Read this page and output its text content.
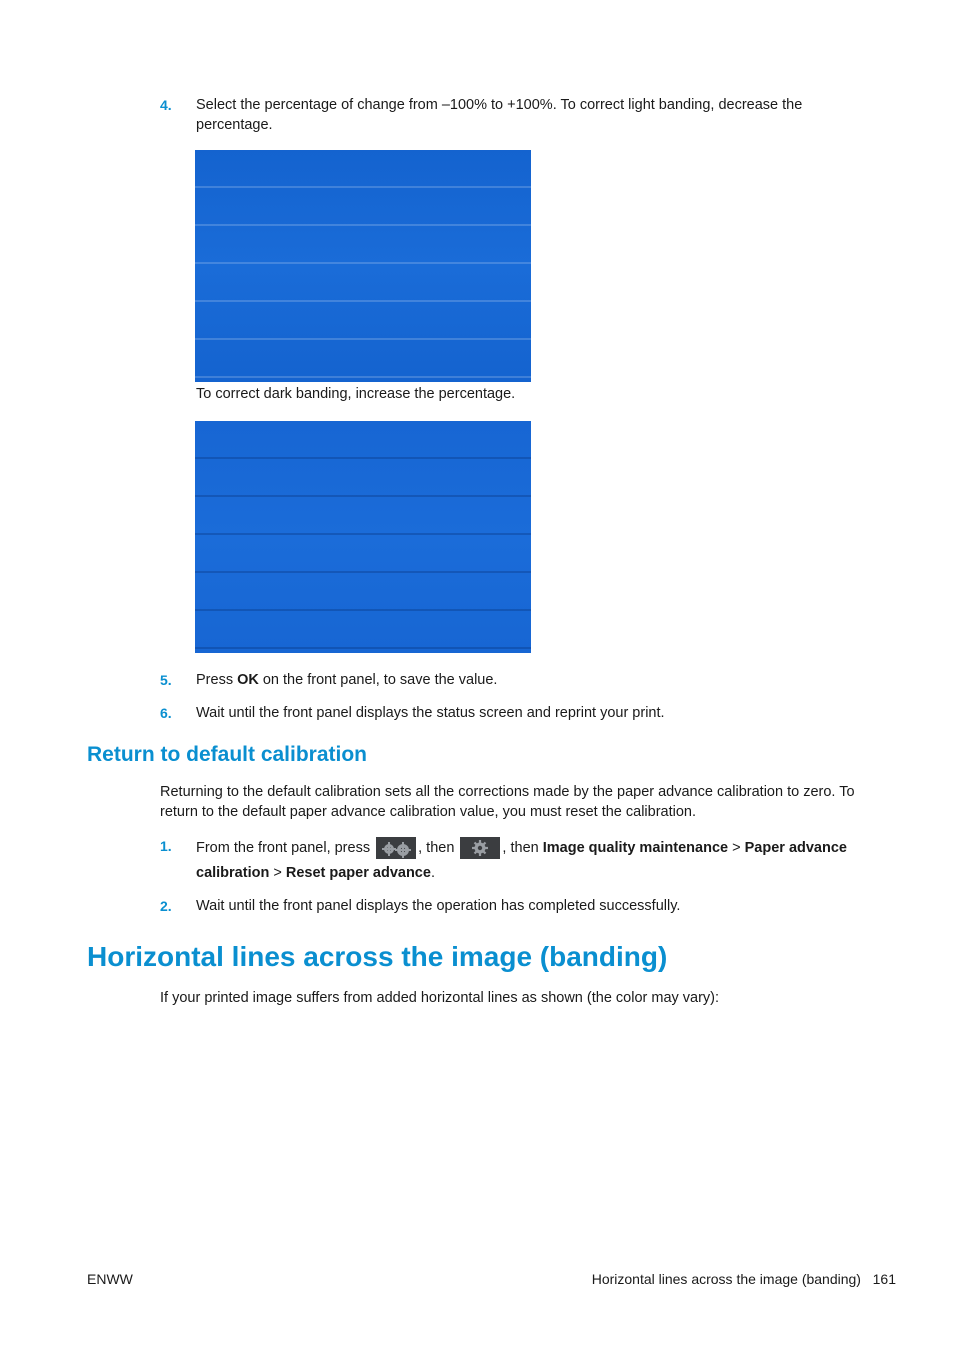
4. Select the percentage of change from –100% to +100%. To correct light banding, decrease the
percentage.
To correct dark banding, increase the percentage.
5. Press OK on the front panel, to save the value.
6. Wait until the front panel displays the status screen and reprint your print.
Return to default calibration
Returning to the default calibration sets all the corrections made by the paper advance calibration to zero. To
return to the default paper advance calibration value, you must reset the calibration.
1. From the front panel, press	, then	, then Image quality maintenance > Paper advance
calibration > Reset paper advance.
2. Wait until the front panel displays the operation has completed successfully.
Horizontal lines across the image (banding)
If your printed image suffers from added horizontal lines as shown (the color may vary):
ENWW	Horizontal lines across the image (banding) 161
